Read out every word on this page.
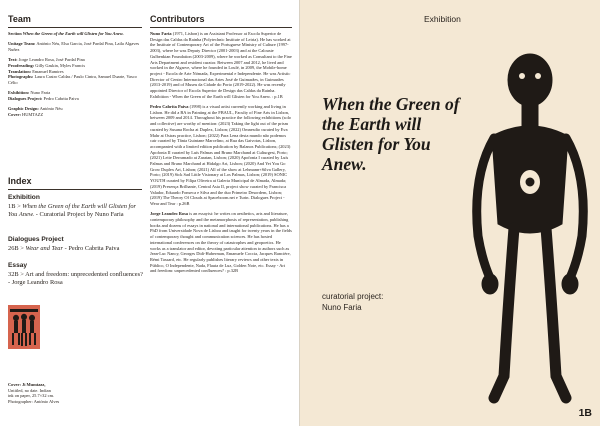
Team

Section When the Green of the Earth will Glisten for You Anew.

Unitage Team: António Néu, Elsa Garcia, José Pardal Pina, Laila Algaves Nuñez

Text: Jorge Leandro Rosa, José Pardal Pina
Proofreading: Gilly Gaskin, Myles Francis
Translation: Emanuel Ramires
Photographs: Laura Castro Caldas / Paulo Cintra, Samuel Duarte, Vasco Célio

Exhibition: Nuno Faria
Dialogues Project: Pedro Cabrita Paiva

Graphic Design: António Néu
Cover: HUMTAZZ

Index
Exhibition
1B > When the Green of the Earth will Glisten for You Anew. - Curatorial Project by Nuno Faria
Dialogues Project
26B > Wear and Tear - Pedro Cabrita Paiva
Essay
32B > Art and freedom: unprecedented confluences? - Jorge Leandro Rosa
Cover: Ji Mumtazz,
Untitled, no date. Indian
ink on paper, 25.7×32 cm.
Photographer: António Alves
Contributors

Nuno Faria (1971, Lisbon) is an Assistant Professor at Escola Superior de Design das Caldas da Rainha (Polytechnic Institute of Leiria). He has worked at the Institute of Contemporary Art of the Portuguese Ministry of Culture (1997-2003), where he was Deputy Director (2001-2003) and at the Calouste Gulbenkian Foundation (2003-2009), where he worked as Consultant to the Fine Arts Department and resident curator. Between 2007 and 2012, he lived and worked in the Algarve, where he founded in Loulé, in 2009, the Mobile-home project - Escola de Arte Nómada, Experimental e Independente. He was Artistic Director of Centro Internacional das Artes José de Guimarães, in Guimarães (2013-2019) and of Museu da Cidade do Porto (2019-2022). He was recently appointed Director of Escola Superior de Design das Caldas da Rainha. Exhibition - When the Green of the Earth will Glisten for You Anew. : p.1B

Pedro Cabrita Paiva (1998) is a visual artist currently working and living in Lisbon. He did a BA in Painting at the FBAUL, Faculty of Fine Arts in Lisbon, between 2009 and 2014. Throughout his practice the following exhibitions (solo and collective) are worthy of mention: (2023) Taking the light out of the prism curated by Susana Rocha at Duplex, Lisbon; (2022) Omnesdio curated by Eva Mahr at Ostras practice, Lisbon; (2022) Para Lena desta mundo não podemos cair curated by Tânia Guintane Marcelino, at Rua das Gaivotas, Lisbon, accompanied with a limited edition publication by Balanos Publications; (2023) Apofonia II curated by Luís Palmas and Bruno Marchand at Culturgest, Porto; (2021) Leite Derramado at Zaratan, Lisbon; (2020) Apofonia I curated by Luís Palmas and Bruno Marchand at Hidalgo Art, Lisbon; (2020) And Yet You Go Grow Duplex Art, Lisbon; (2021) All of the show at Lehmann+Silva Gallery, Porto; (2019) Sick Sad Little Visionary at Los Palmas, Lisbon; (2019) SONIC YOUTH curated by Filipa Oliveira at Galeria Municipal de Almada, Almada; (2019) Presença Brilhante, Central Asia II, project show curated by Francisca Valador, Eduardo Fonseca e Silva and the duo Primeiro Desordem, Lisbon; (2019) The Theory Of Clouds at Spaceboom.net e Turin. Dialogues Project - Wear and Tear : p.26B

Jorge Leandro Rosa is an essayist: he writes on aesthetics, arts and literature, contemporary philosophy and the metamorphosis of representation, publishing books and dozens of essays in national and international publications. He has a PhD from Universidade Nova de Lisboa and taught for twenty years in the fields of contemporary thought and communication sciences. He has hosted international conferences on the theory of catastrophes and geopoetics. He works as a translator and editor, devoting particular attention to authors such as Jean-Luc Nancy, Georges Didi-Huberman, Emanuele Coccia, Jacques Rancière, Rémi Tassard, etc. He regularly publishes literary reviews and other texts in Público, O Independente, Nada, Flauta de Luz, Golden Note, etc. Essay - Art and freedom: unprecedented confluences? : p.32B

Exhibition
When the Green of the Earth will Glisten for You Anew.
curatorial project:
Nuno Faria
1B
